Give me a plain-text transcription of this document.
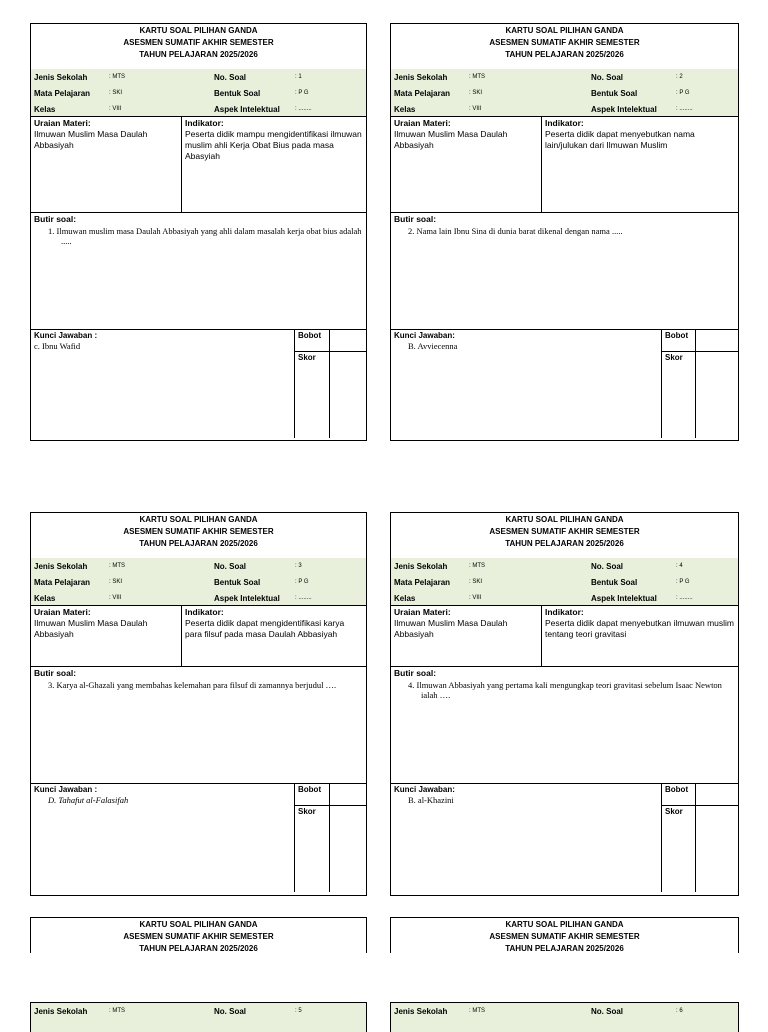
KARTU SOAL PILIHAN GANDA
ASESMEN SUMATIF AKHIR SEMESTER
TAHUN PELAJARAN 2025/2026
Jenis Sekolah	: MTS	No. Soal	: 1
Mata Pelajaran	: SKI	Bentuk Soal	: P G
Kelas	: VIII	Aspek Intelektual	: ........
Uraian Materi:
Ilmuwan Muslim Masa Daulah Abbasiyah
Indikator:
Peserta didik mampu mengidentifikasi ilmuwan muslim ahli Kerja Obat Bius pada masa Abasyiah
Butir soal:
1. Ilmuwan muslim masa Daulah Abbasiyah yang ahli dalam masalah kerja obat bius adalah .....
Kunci Jawaban :
c. Ibnu Wafid
Bobot
Skor
KARTU SOAL PILIHAN GANDA
ASESMEN SUMATIF AKHIR SEMESTER
TAHUN PELAJARAN 2025/2026
Jenis Sekolah	: MTS	No. Soal	: 2
Mata Pelajaran	: SKI	Bentuk Soal	: P G
Kelas	: VIII	Aspek Intelektual	: ........
Uraian Materi:
Ilmuwan Muslim Masa Daulah Abbasiyah
Indikator:
Peserta didik dapat menyebutkan nama lain/julukan dari Ilmuwan Muslim
Butir soal:
2. Nama lain Ibnu Sina di dunia barat dikenal dengan nama .....
Kunci Jawaban:
B. Avviecenna
Bobot
Skor
KARTU SOAL PILIHAN GANDA
ASESMEN SUMATIF AKHIR SEMESTER
TAHUN PELAJARAN 2025/2026
Jenis Sekolah	: MTS	No. Soal	: 3
Mata Pelajaran	: SKI	Bentuk Soal	: P G
Kelas	: VIII	Aspek Intelektual	: ........
Uraian Materi:
Ilmuwan Muslim Masa Daulah Abbasiyah
Indikator:
Peserta didik dapat mengidentifikasi karya para filsuf pada masa Daulah Abbasiyah
Butir soal:
3. Karya al-Ghazali yang membahas kelemahan para filsuf di zamannya berjudul ….
Kunci Jawaban :
D. Tahafut al-Falasifah
Bobot
Skor
KARTU SOAL PILIHAN GANDA
ASESMEN SUMATIF AKHIR SEMESTER
TAHUN PELAJARAN 2025/2026
Jenis Sekolah	: MTS	No. Soal	: 4
Mata Pelajaran	: SKI	Bentuk Soal	: P G
Kelas	: VIII	Aspek Intelektual	: ........
Uraian Materi:
Ilmuwan Muslim Masa Daulah Abbasiyah
Indikator:
Peserta didik dapat menyebutkan ilmuwan muslim tentang teori gravitasi
Butir soal:
4. Ilmuwan Abbasiyah yang pertama kali mengungkap teori gravitasi sebelum Isaac Newton ialah ….
Kunci Jawaban:
B. al-Khazini
Bobot
Skor
KARTU SOAL PILIHAN GANDA
ASESMEN SUMATIF AKHIR SEMESTER
TAHUN PELAJARAN 2025/2026
KARTU SOAL PILIHAN GANDA
ASESMEN SUMATIF AKHIR SEMESTER
TAHUN PELAJARAN 2025/2026
Jenis Sekolah	: MTS	No. Soal	: 5	Jenis Sekolah	: MTS	No. Soal	: 6
